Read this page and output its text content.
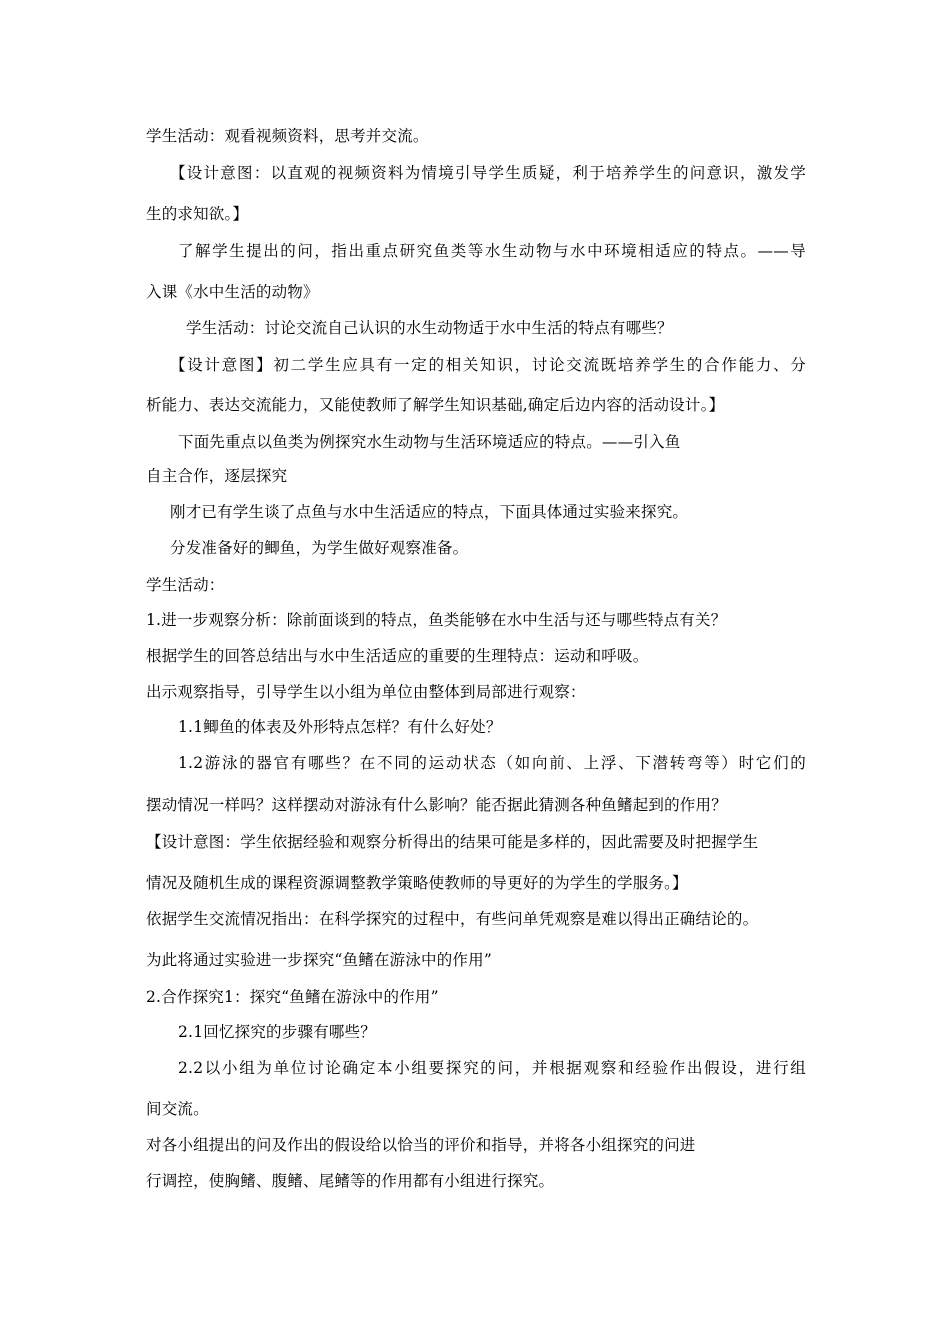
学生活动：观看视频资料，思考并交流。
【设计意图：以直观的视频资料为情境引导学生质疑，利于培养学生的问意识，激发学
生的求知欲。】
了解学生提出的问，指出重点研究鱼类等水生动物与水中环境相适应的特点。——导
入课《水中生活的动物》
学生活动：讨论交流自己认识的水生动物适于水中生活的特点有哪些？
【设计意图】初二学生应具有一定的相关知识，讨论交流既培养学生的合作能力、分
析能力、表达交流能力，又能使教师了解学生知识基础,确定后边内容的活动设计。】
下面先重点以鱼类为例探究水生动物与生活环境适应的特点。——引入鱼
自主合作，逐层探究
刚才已有学生谈了点鱼与水中生活适应的特点，下面具体通过实验来探究。
分发准备好的鲫鱼，为学生做好观察准备。
学生活动：
1.进一步观察分析：除前面谈到的特点，鱼类能够在水中生活与还与哪些特点有关？
根据学生的回答总结出与水中生活适应的重要的生理特点：运动和呼吸。
出示观察指导，引导学生以小组为单位由整体到局部进行观察：
1.1鲫鱼的体表及外形特点怎样？有什么好处？
1.2游泳的器官有哪些？在不同的运动状态（如向前、上浮、下潜转弯等）时它们的
摆动情况一样吗？这样摆动对游泳有什么影响？能否据此猜测各种鱼鳍起到的作用？
【设计意图：学生依据经验和观察分析得出的结果可能是多样的，因此需要及时把握学生
情况及随机生成的课程资源调整教学策略使教师的导更好的为学生的学服务。】
依据学生交流情况指出：在科学探究的过程中，有些问单凭观察是难以得出正确结论的。
为此将通过实验进一步探究“鱼鳍在游泳中的作用”
2.合作探究1：探究“鱼鳍在游泳中的作用”
2.1回忆探究的步骤有哪些？
2.2以小组为单位讨论确定本小组要探究的问，并根据观察和经验作出假设，进行组
间交流。
对各小组提出的问及作出的假设给以恰当的评价和指导，并将各小组探究的问进
行调控，使胸鳍、腹鳍、尾鳍等的作用都有小组进行探究。
